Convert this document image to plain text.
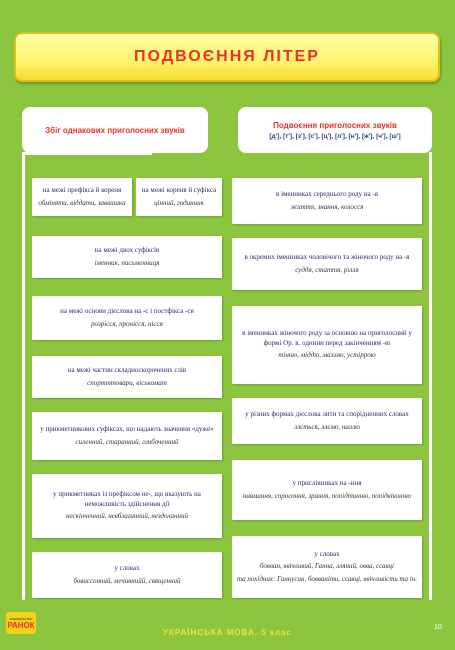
ПОДВОЄННЯ ЛІТЕР
Збіг однакових приголосних звуків
на межі префікса й кореня
обміняти, віддати, заввишки
на межі кореня й суфікса
цінний, годинник
на межі двох суфіксів
іменник, письменниця
на межі основи дієслова на -с і постфікса -ся
розрісся, пронісся, нісся
на межі частин складноскорочених слів
спортттовари, віськомат
у прикметникових суфіксах, що надають значення «дуже»
силенний, старанний, глибоченний
у прикметниках із префіксом не-, що вказують на неможливість здійснення дії
нескінченний, невблаганний, нездоланний
у словах
бовиссонний, мечивнийй, священний
Подвоєння приголосних звуків
[д'], [т'], [з'], [с'], [ц'], [л'], [н'], [ж'], [ч'], [ш']
в іменниках середнього роду на -я
життя, знання, колосся
в окремих іменниках чоловічого та жіночого роду на -я
суддя, стаття, рілля
в іменниках жіночого роду за основою на приголосний у формі Ор. в. однини перед закінченням -ю
тінню, міддю, мазззю, устіррою
у різних формах дієслова лити та спорідненних словах
ллється, ллємо, наллю
у прислівниках на -ння
навмання, спросоння, зрання, попідтинню, попідвіконню
у словах
бовван, ввічливий, Ганна, лляний, овва, ссавці
та похідних: Ганнусин, бовваніти, ссавці, ввічливість та ін.
ВИДАВНИЦТВО
РАНОК
УКРАЇНСЬКА МОВА. 5 клас	10
